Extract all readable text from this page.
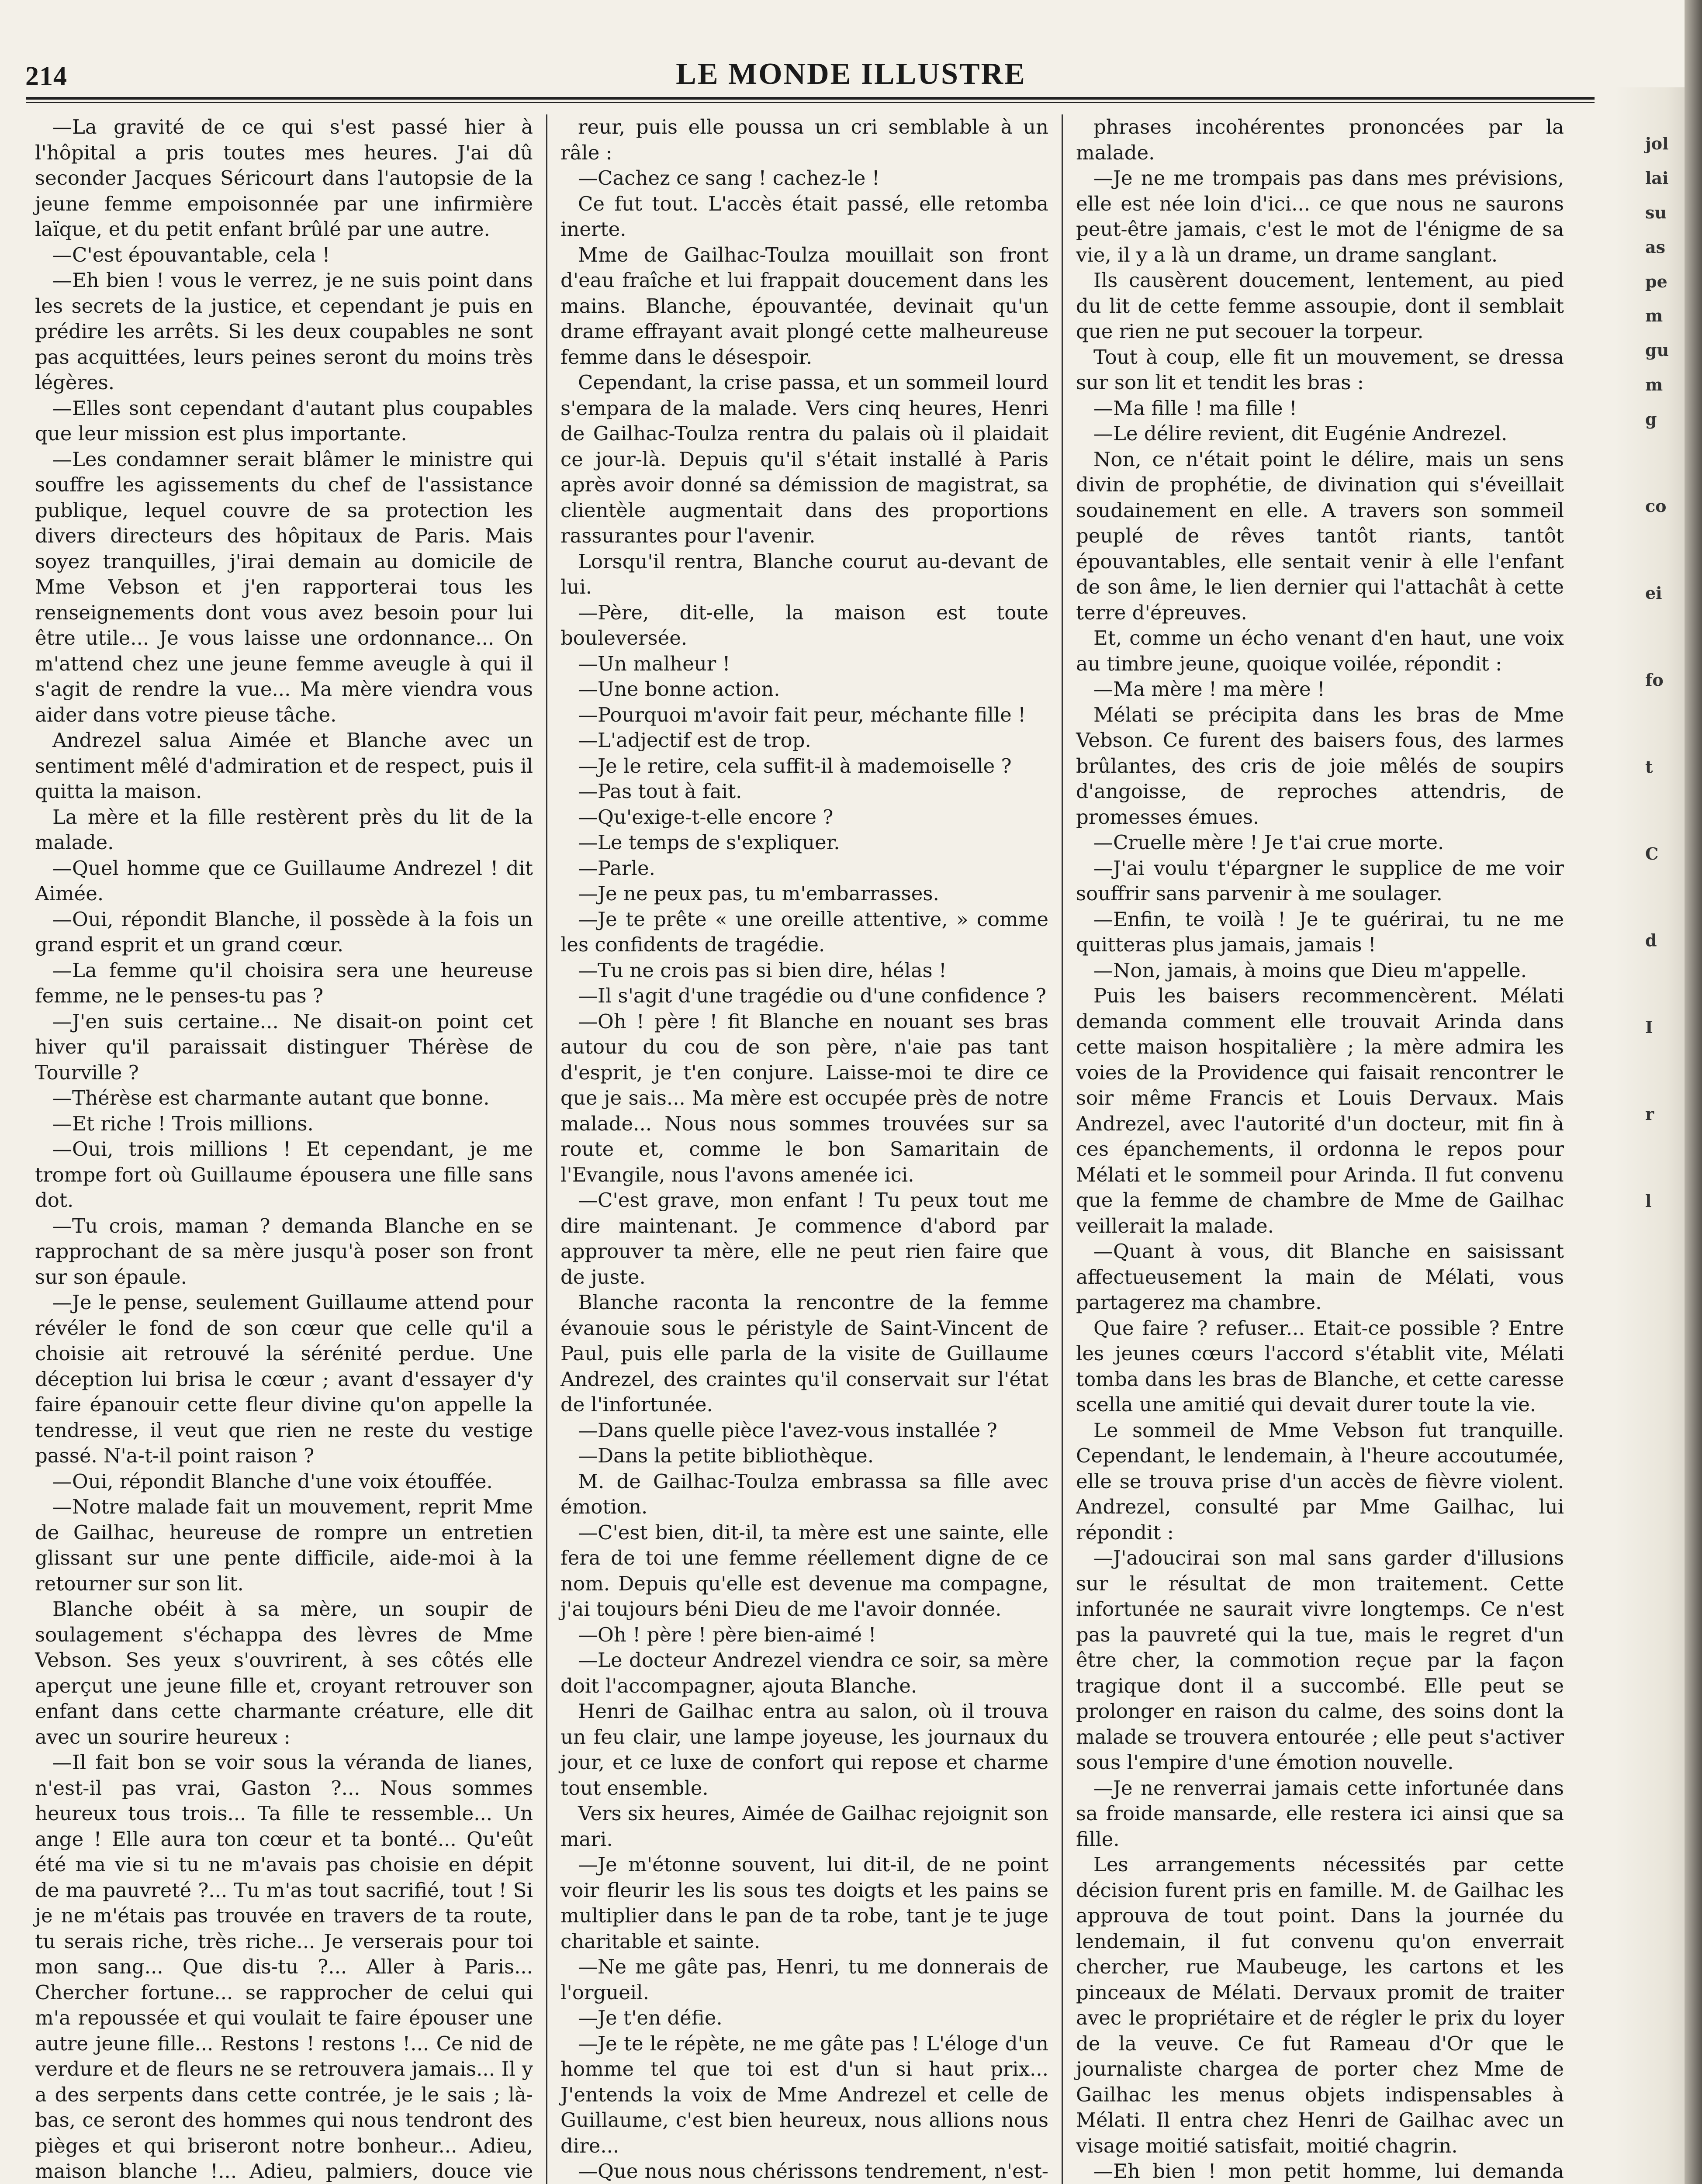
214	LE MONDE ILLUSTRE

—La gravité de ce qui s'est passé hier à l'hôpital a pris toutes mes heures. J'ai dû seconder Jacques Séricourt dans l'autopsie de la jeune femme empoisonnée par une infirmière laïque, et du petit enfant brûlé par une autre.

—C'est épouvantable, cela !

—Eh bien ! vous le verrez, je ne suis point dans les secrets de la justice, et cependant je puis en prédire les arrêts. Si les deux coupables ne sont pas acquittées, leurs peines seront du moins très légères.

—Elles sont cependant d'autant plus coupables que leur mission est plus importante.

—Les condamner serait blâmer le ministre qui souffre les agissements du chef de l'assistance publique, lequel couvre de sa protection les divers directeurs des hôpitaux de Paris. Mais soyez tranquilles, j'irai demain au domicile de Mme Vebson et j'en rapporterai tous les renseignements dont vous avez besoin pour lui être utile... Je vous laisse une ordonnance... On m'attend chez une jeune femme aveugle à qui il s'agit de rendre la vue... Ma mère viendra vous aider dans votre pieuse tâche.

Andrezel salua Aimée et Blanche avec un sentiment mêlé d'admiration et de respect, puis il quitta la maison.

La mère et la fille restèrent près du lit de la malade.

—Quel homme que ce Guillaume Andrezel ! dit Aimée.

—Oui, répondit Blanche, il possède à la fois un grand esprit et un grand cœur.

—La femme qu'il choisira sera une heureuse femme, ne le penses-tu pas ?

—J'en suis certaine... Ne disait-on point cet hiver qu'il paraissait distinguer Thérèse de Tourville ?

—Thérèse est charmante autant que bonne.

—Et riche ! Trois millions.

—Oui, trois millions ! Et cependant, je me trompe fort où Guillaume épousera une fille sans dot.

—Tu crois, maman ? demanda Blanche en se rapprochant de sa mère jusqu'à poser son front sur son épaule.

—Je le pense, seulement Guillaume attend pour révéler le fond de son cœur que celle qu'il a choisie ait retrouvé la sérénité perdue. Une déception lui brisa le cœur ; avant d'essayer d'y faire épanouir cette fleur divine qu'on appelle la tendresse, il veut que rien ne reste du vestige passé. N'a-t-il point raison ?

—Oui, répondit Blanche d'une voix étouffée.

—Notre malade fait un mouvement, reprit Mme de Gailhac, heureuse de rompre un entretien glissant sur une pente difficile, aide-moi à la retourner sur son lit.

Blanche obéit à sa mère, un soupir de soulagement s'échappa des lèvres de Mme Vebson. Ses yeux s'ouvrirent, à ses côtés elle aperçut une jeune fille et, croyant retrouver son enfant dans cette charmante créature, elle dit avec un sourire heureux :

—Il fait bon se voir sous la véranda de lianes, n'est-il pas vrai, Gaston ?... Nous sommes heureux tous trois... Ta fille te ressemble... Un ange ! Elle aura ton cœur et ta bonté... Qu'eût été ma vie si tu ne m'avais pas choisie en dépit de ma pauvreté ?... Tu m'as tout sacrifié, tout ! Si je ne m'étais pas trouvée en travers de ta route, tu serais riche, très riche... Je verserais pour toi mon sang... Que dis-tu ?... Aller à Paris... Chercher fortune... se rapprocher de celui qui m'a repoussée et qui voulait te faire épouser une autre jeune fille... Restons ! restons !... Ce nid de verdure et de fleurs ne se retrouvera jamais... Il y a des serpents dans cette contrée, je le sais ; là-bas, ce seront des hommes qui nous tendront des pièges et qui briseront notre bonheur... Adieu, maison blanche !... Adieu, palmiers, douce vie

reur, puis elle poussa un cri semblable à un râle :

—Cachez ce sang ! cachez-le !

Ce fut tout. L'accès était passé, elle retomba inerte.

Mme de Gailhac-Toulza mouillait son front d'eau fraîche et lui frappait doucement dans les mains. Blanche, épouvantée, devinait qu'un drame effrayant avait plongé cette malheureuse femme dans le désespoir.

Cependant, la crise passa, et un sommeil lourd s'empara de la malade. Vers cinq heures, Henri de Gailhac-Toulza rentra du palais où il plaidait ce jour-là. Depuis qu'il s'était installé à Paris après avoir donné sa démission de magistrat, sa clientèle augmentait dans des proportions rassurantes pour l'avenir.

Lorsqu'il rentra, Blanche courut au-devant de lui.

—Père, dit-elle, la maison est toute bouleversée.

—Un malheur !

—Une bonne action.

—Pourquoi m'avoir fait peur, méchante fille !

—L'adjectif est de trop.

—Je le retire, cela suffit-il à mademoiselle ?

—Pas tout à fait.

—Qu'exige-t-elle encore ?

—Le temps de s'expliquer.

—Parle.

—Je ne peux pas, tu m'embarrasses.

—Je te prête « une oreille attentive, » comme les confidents de tragédie.

—Tu ne crois pas si bien dire, hélas !

—Il s'agit d'une tragédie ou d'une confidence ?

—Oh ! père ! fit Blanche en nouant ses bras autour du cou de son père, n'aie pas tant d'esprit, je t'en conjure. Laisse-moi te dire ce que je sais... Ma mère est occupée près de notre malade... Nous nous sommes trouvées sur sa route et, comme le bon Samaritain de l'Evangile, nous l'avons amenée ici.

—C'est grave, mon enfant ! Tu peux tout me dire maintenant. Je commence d'abord par approuver ta mère, elle ne peut rien faire que de juste.

Blanche raconta la rencontre de la femme évanouie sous le péristyle de Saint-Vincent de Paul, puis elle parla de la visite de Guillaume Andrezel, des craintes qu'il conservait sur l'état de l'infortunée.

—Dans quelle pièce l'avez-vous installée ?

—Dans la petite bibliothèque.

M. de Gailhac-Toulza embrassa sa fille avec émotion.

—C'est bien, dit-il, ta mère est une sainte, elle fera de toi une femme réellement digne de ce nom. Depuis qu'elle est devenue ma compagne, j'ai toujours béni Dieu de me l'avoir donnée.

—Oh ! père ! père bien-aimé !

—Le docteur Andrezel viendra ce soir, sa mère doit l'accompagner, ajouta Blanche.

Henri de Gailhac entra au salon, où il trouva un feu clair, une lampe joyeuse, les journaux du jour, et ce luxe de confort qui repose et charme tout ensemble.

Vers six heures, Aimée de Gailhac rejoignit son mari.

—Je m'étonne souvent, lui dit-il, de ne point voir fleurir les lis sous tes doigts et les pains se multiplier dans le pan de ta robe, tant je te juge charitable et sainte.

—Ne me gâte pas, Henri, tu me donnerais de l'orgueil.

—Je t'en défie.

—Je te le répète, ne me gâte pas ! L'éloge d'un homme tel que toi est d'un si haut prix... J'entends la voix de Mme Andrezel et celle de Guillaume, c'est bien heureux, nous allions nous dire...

—Que nous nous chérissons tendrement, n'est-

phrases incohérentes prononcées par la malade.

—Je ne me trompais pas dans mes prévisions, elle est née loin d'ici... ce que nous ne saurons peut-être jamais, c'est le mot de l'énigme de sa vie, il y a là un drame, un drame sanglant.

Ils causèrent doucement, lentement, au pied du lit de cette femme assoupie, dont il semblait que rien ne put secouer la torpeur.

Tout à coup, elle fit un mouvement, se dressa sur son lit et tendit les bras :

—Ma fille ! ma fille !

—Le délire revient, dit Eugénie Andrezel.

Non, ce n'était point le délire, mais un sens divin de prophétie, de divination qui s'éveillait soudainement en elle. A travers son sommeil peuplé de rêves tantôt riants, tantôt épouvantables, elle sentait venir à elle l'enfant de son âme, le lien dernier qui l'attachât à cette terre d'épreuves.

Et, comme un écho venant d'en haut, une voix au timbre jeune, quoique voilée, répondit :

—Ma mère ! ma mère !

Mélati se précipita dans les bras de Mme Vebson. Ce furent des baisers fous, des larmes brûlantes, des cris de joie mêlés de soupirs d'angoisse, de reproches attendris, de promesses émues.

—Cruelle mère ! Je t'ai crue morte.

—J'ai voulu t'épargner le supplice de me voir souffrir sans parvenir à me soulager.

—Enfin, te voilà ! Je te guérirai, tu ne me quitteras plus jamais, jamais !

—Non, jamais, à moins que Dieu m'appelle.

Puis les baisers recommencèrent. Mélati demanda comment elle trouvait Arinda dans cette maison hospitalière ; la mère admira les voies de la Providence qui faisait rencontrer le soir même Francis et Louis Dervaux. Mais Andrezel, avec l'autorité d'un docteur, mit fin à ces épanchements, il ordonna le repos pour Mélati et le sommeil pour Arinda. Il fut convenu que la femme de chambre de Mme de Gailhac veillerait la malade.

—Quant à vous, dit Blanche en saisissant affectueusement la main de Mélati, vous partagerez ma chambre.

Que faire ? refuser... Etait-ce possible ? Entre les jeunes cœurs l'accord s'établit vite, Mélati tomba dans les bras de Blanche, et cette caresse scella une amitié qui devait durer toute la vie.

Le sommeil de Mme Vebson fut tranquille. Cependant, le lendemain, à l'heure accoutumée, elle se trouva prise d'un accès de fièvre violent. Andrezel, consulté par Mme Gailhac, lui répondit :

—J'adoucirai son mal sans garder d'illusions sur le résultat de mon traitement. Cette infortunée ne saurait vivre longtemps. Ce n'est pas la pauvreté qui la tue, mais le regret d'un être cher, la commotion reçue par la façon tragique dont il a succombé. Elle peut se prolonger en raison du calme, des soins dont la malade se trouvera entourée ; elle peut s'activer sous l'empire d'une émotion nouvelle.

—Je ne renverrai jamais cette infortunée dans sa froide mansarde, elle restera ici ainsi que sa fille.

Les arrangements nécessités par cette décision furent pris en famille. M. de Gailhac les approuva de tout point. Dans la journée du lendemain, il fut convenu qu'on enverrait chercher, rue Maubeuge, les cartons et les pinceaux de Mélati. Dervaux promit de traiter avec le propriétaire et de régler le prix du loyer de la veuve. Ce fut Rameau d'Or que le journaliste chargea de porter chez Mme de Gailhac les menus objets indispensables à Mélati. Il entra chez Henri de Gailhac avec un visage moitié satisfait, moitié chagrin.

—Eh bien ! mon petit homme, lui demanda

jol
lai
su
as
pe
m
gu
m
g
co
ei
fo
t
C
d
I
r
l
